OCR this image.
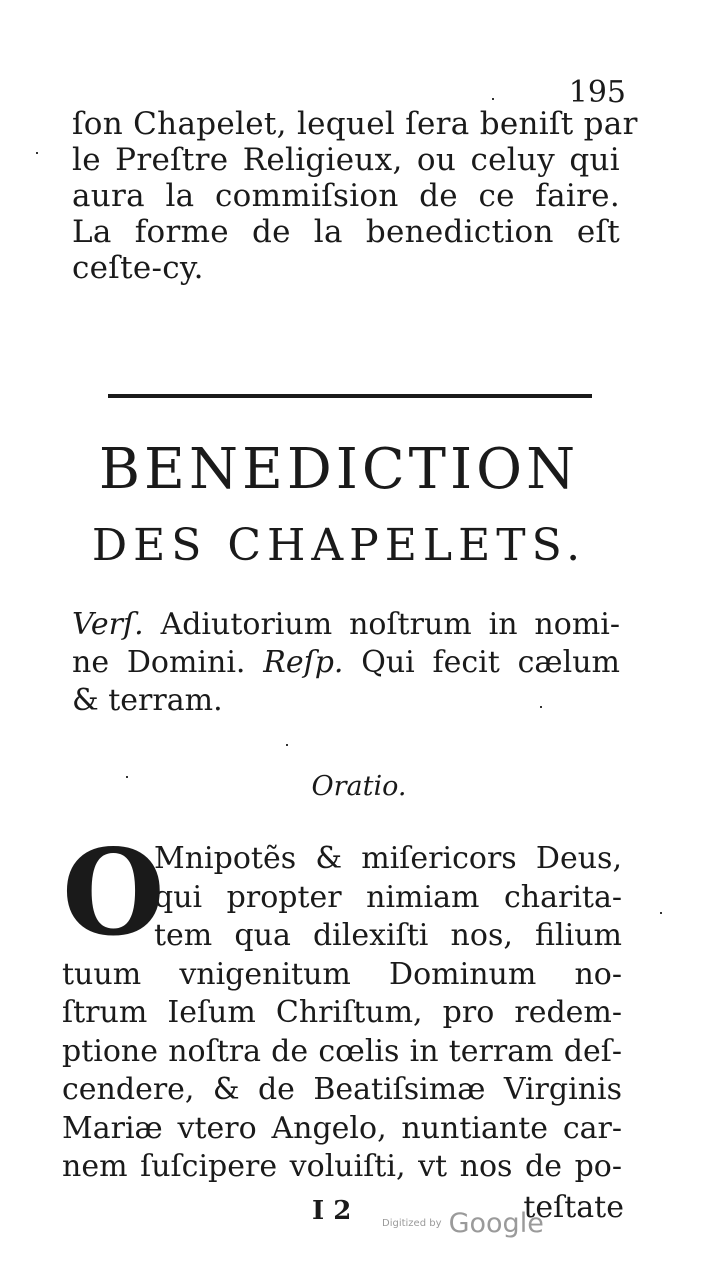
195
ſon Chapelet, lequel ſera beniſt par
le Preſtre Religieux, ou celuy qui
aura la commiſsion de ce faire.
La forme de la benediction eſt
ceſte-cy.
BENEDICTION
DES CHAPELETS.
Verſ. Adiutorium noſtrum in nomi-
ne Domini. Reſp. Qui fecit cælum
& terram.
Oratio.
O
Mnipotẽs & miſericors Deus,
qui propter nimiam charita-
tem qua dilexiſti nos, filium
tuum vnigenitum Dominum no-
ſtrum Ieſum Chriſtum, pro redem-
ptione noſtra de cœlis in terram deſ-
cendere, & de Beatiſsimæ Virginis
Mariæ vtero Angelo, nuntiante car-
nem ſuſcipere voluiſti, vt nos de po-
I 2	teſtate
Digitized by Google
